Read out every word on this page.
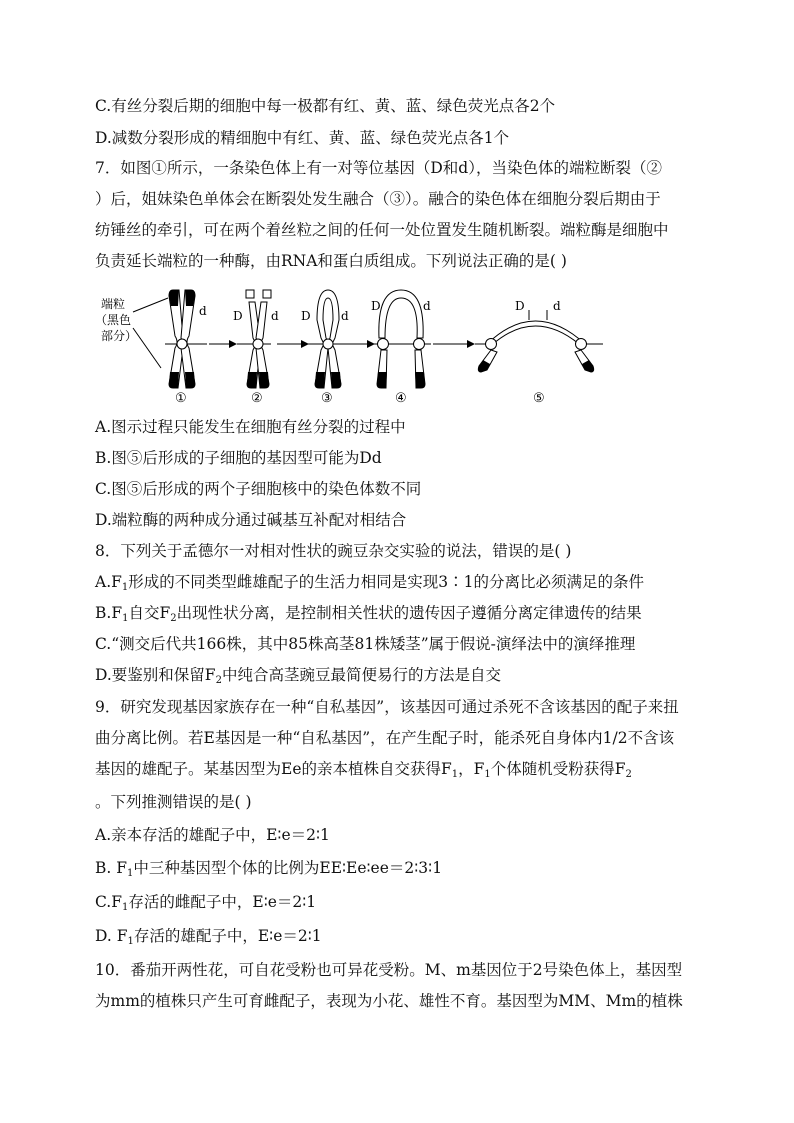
C.有丝分裂后期的细胞中每一极都有红、黄、蓝、绿色荧光点各2个
D.减数分裂形成的精细胞中有红、黄、蓝、绿色荧光点各1个
7．如图①所示，一条染色体上有一对等位基因（D和d），当染色体的端粒断裂（②
）后，姐妹染色单体会在断裂处发生融合（③）。融合的染色体在细胞分裂后期由于
纺锤丝的牵引，可在两个着丝粒之间的任何一处位置发生随机断裂。端粒酶是细胞中
负责延长端粒的一种酶，由RNA和蛋白质组成。下列说法正确的是( )
端粒
（黑色
部分）
d
①
D d
②
D	d
③
D	d
④
D d
⑤
A.图示过程只能发生在细胞有丝分裂的过程中
B.图⑤后形成的子细胞的基因型可能为Dd
C.图⑤后形成的两个子细胞核中的染色体数不同
D.端粒酶的两种成分通过碱基互补配对相结合
8．下列关于孟德尔一对相对性状的豌豆杂交实验的说法，错误的是( )
$A.F_1$形成的不同类型雌雄配子的生活力相同是实现3∶1的分离比必须满足的条件
$B.F_1$自交$F_2$出现性状分离，是控制相关性状的遗传因子遵循分离定律遗传的结果
C.“测交后代共166株，其中85株高茎81株矮茎”属于假说-演绎法中的演绎推理
D.要鉴别和保留$F_2$中纯合高茎豌豆最简便易行的方法是自交
9．研究发现基因家族存在一种“自私基因”，该基因可通过杀死不含该基因的配子来扭
曲分离比例。若E基因是一种“自私基因”，在产生配子时，能杀死自身体内1/2不含该
基因的雄配子。某基因型为Ee的亲本植株自交获得$F_1$，$F_1$个体随机受粉获得$F_2$
。下列推测错误的是( )
A.亲本存活的雄配子中，E∶e＝2∶1
B. $F_1$中三种基因型个体的比例为EE∶Ee∶ee＝2∶3∶1
$C.F_1$存活的雌配子中，E∶e＝2∶1
D. $F_1$存活的雄配子中，E∶e＝2∶1
10．番茄开两性花，可自花受粉也可异花受粉。M、m基因位于2号染色体上，基因型
为mm的植株只产生可育雌配子，表现为小花、雄性不育。基因型为MM、Mm的植株
